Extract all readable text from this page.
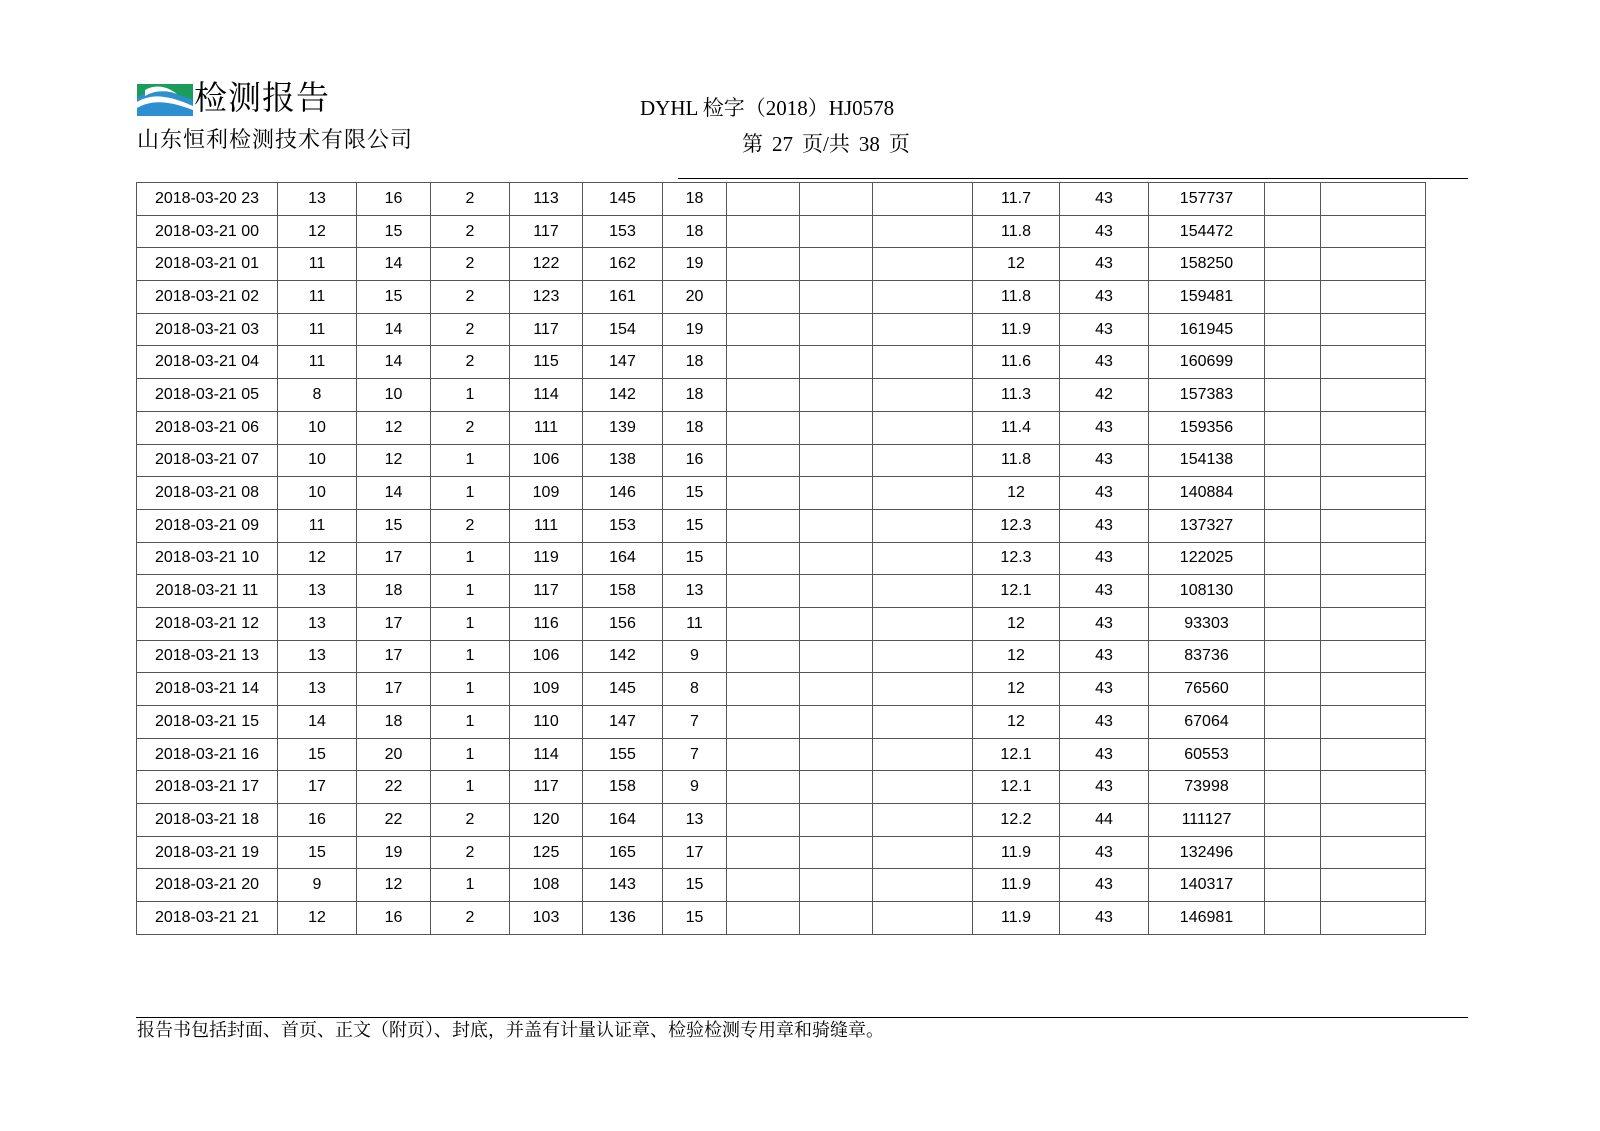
检测报告
山东恒利检测技术有限公司
DYHL 检字（2018）HJ0578
第 27 页/共 38 页
2018-03-20 23	13	16	2	113	145	18				11.7	43	157737		
2018-03-21 00	12	15	2	117	153	18				11.8	43	154472		
2018-03-21 01	11	14	2	122	162	19				12	43	158250		
2018-03-21 02	11	15	2	123	161	20				11.8	43	159481		
2018-03-21 03	11	14	2	117	154	19				11.9	43	161945		
2018-03-21 04	11	14	2	115	147	18				11.6	43	160699		
2018-03-21 05	8	10	1	114	142	18				11.3	42	157383		
2018-03-21 06	10	12	2	111	139	18				11.4	43	159356		
2018-03-21 07	10	12	1	106	138	16				11.8	43	154138		
2018-03-21 08	10	14	1	109	146	15				12	43	140884		
2018-03-21 09	11	15	2	111	153	15				12.3	43	137327		
2018-03-21 10	12	17	1	119	164	15				12.3	43	122025		
2018-03-21 11	13	18	1	117	158	13				12.1	43	108130		
2018-03-21 12	13	17	1	116	156	11				12	43	93303		
2018-03-21 13	13	17	1	106	142	9				12	43	83736		
2018-03-21 14	13	17	1	109	145	8				12	43	76560		
2018-03-21 15	14	18	1	110	147	7				12	43	67064		
2018-03-21 16	15	20	1	114	155	7				12.1	43	60553		
2018-03-21 17	17	22	1	117	158	9				12.1	43	73998		
2018-03-21 18	16	22	2	120	164	13				12.2	44	111127		
2018-03-21 19	15	19	2	125	165	17				11.9	43	132496		
2018-03-21 20	9	12	1	108	143	15				11.9	43	140317		
2018-03-21 21	12	16	2	103	136	15				11.9	43	146981		
报告书包括封面、首页、正文（附页）、封底，并盖有计量认证章、检验检测专用章和骑缝章。
